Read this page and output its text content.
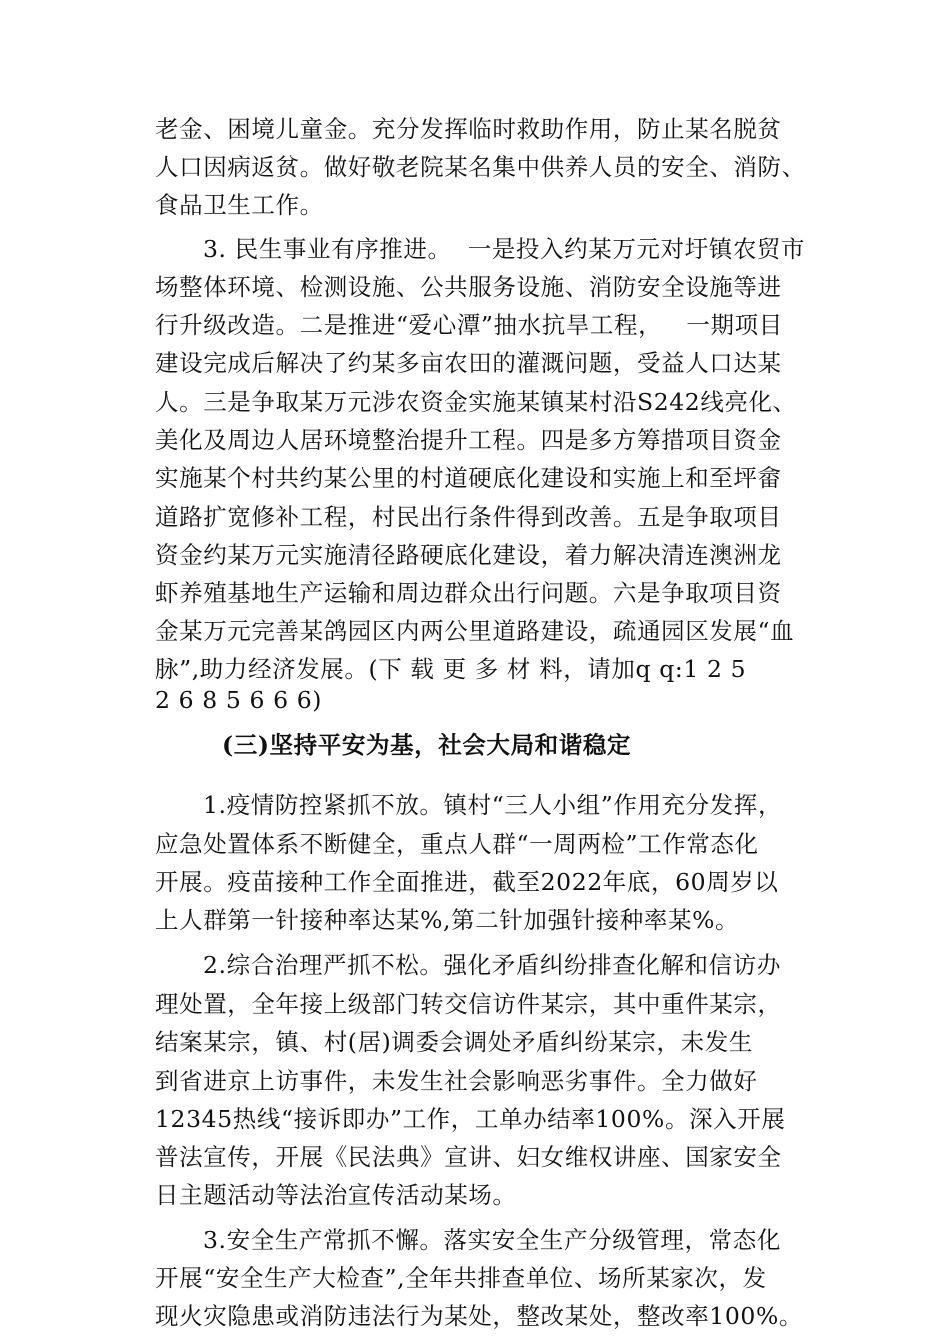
老金、困境儿童金。充分发挥临时救助作用，防止某名脱贫
人口因病返贫。做好敬老院某名集中供养人员的安全、消防、
食品卫生工作。
3. 民生事业有序推进。  一是投入约某万元对圩镇农贸市
场整体环境、检测设施、公共服务设施、消防安全设施等进
行升级改造。二是推进“爱心潭”抽水抗旱工程，   一期项目
建设完成后解决了约某多亩农田的灌溉问题，受益人口达某
人。三是争取某万元涉农资金实施某镇某村沿S242线亮化、
美化及周边人居环境整治提升工程。四是多方筹措项目资金
实施某个村共约某公里的村道硬底化建设和实施上和至坪畲
道路扩宽修补工程，村民出行条件得到改善。五是争取项目
资金约某万元实施清径路硬底化建设，着力解决清连澳洲龙
虾养殖基地生产运输和周边群众出行问题。六是争取项目资
金某万元完善某鸽园区内两公里道路建设，疏通园区发展“血
脉”,助力经济发展。(下 载 更 多 材 料，请加q q:1 2 5
2 6 8 5 6 6 6)
(三)坚持平安为基，社会大局和谐稳定
1.疫情防控紧抓不放。镇村“三人小组”作用充分发挥，
应急处置体系不断健全，重点人群“一周两检”工作常态化
开展。疫苗接种工作全面推进，截至2022年底，60周岁以
上人群第一针接种率达某%,第二针加强针接种率某%。
2.综合治理严抓不松。强化矛盾纠纷排查化解和信访办
理处置，全年接上级部门转交信访件某宗，其中重件某宗，
结案某宗，镇、村(居)调委会调处矛盾纠纷某宗，未发生
到省进京上访事件，未发生社会影响恶劣事件。全力做好
12345热线“接诉即办”工作，工单办结率100%。深入开展
普法宣传，开展《民法典》宣讲、妇女维权讲座、国家安全
日主题活动等法治宣传活动某场。
3.安全生产常抓不懈。落实安全生产分级管理，常态化
开展“安全生产大检查”,全年共排查单位、场所某家次，发
现火灾隐患或消防违法行为某处，整改某处，整改率100%。
